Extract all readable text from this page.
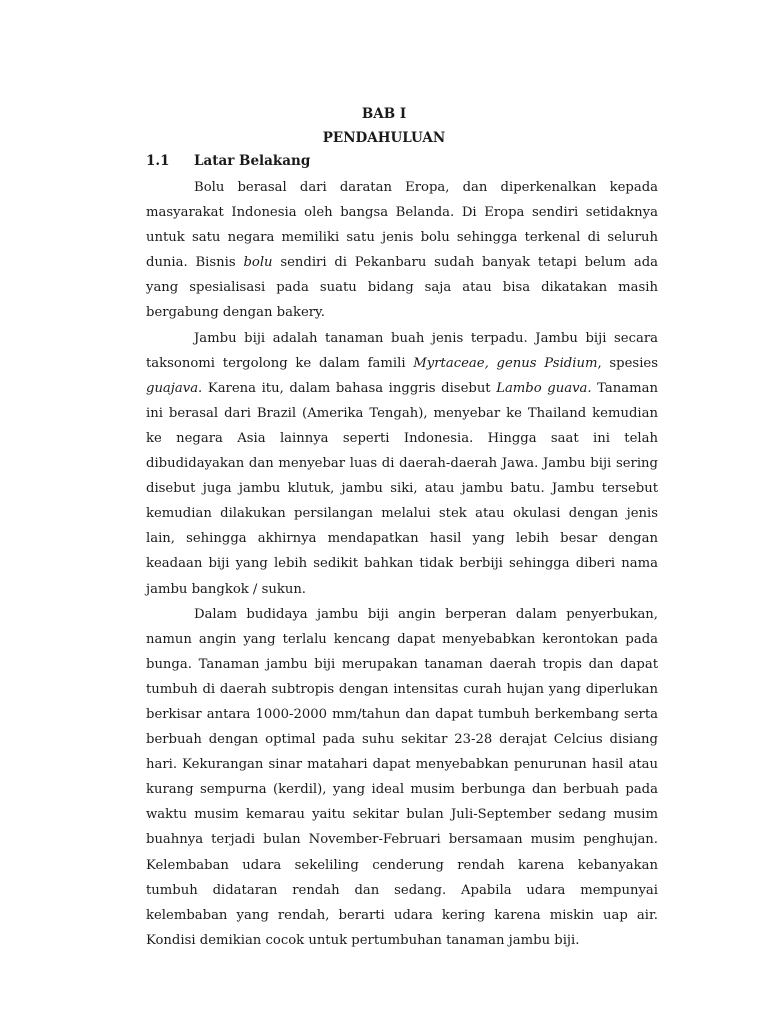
BAB I
PENDAHULUAN
1.1 Latar Belakang

Bolu berasal dari daratan Eropa, dan diperkenalkan kepada masyarakat Indonesia oleh bangsa Belanda. Di Eropa sendiri setidaknya untuk satu negara memiliki satu jenis bolu sehingga terkenal di seluruh dunia. Bisnis bolu sendiri di Pekanbaru sudah banyak tetapi belum ada yang spesialisasi pada suatu bidang saja atau bisa dikatakan masih bergabung dengan bakery.

Jambu biji adalah tanaman buah jenis terpadu. Jambu biji secara taksonomi tergolong ke dalam famili Myrtaceae, genus Psidium, spesies guajava. Karena itu, dalam bahasa inggris disebut Lambo guava. Tanaman ini berasal dari Brazil (Amerika Tengah), menyebar ke Thailand kemudian ke negara Asia lainnya seperti Indonesia. Hingga saat ini telah dibudidayakan dan menyebar luas di daerah-daerah Jawa. Jambu biji sering disebut juga jambu klutuk, jambu siki, atau jambu batu. Jambu tersebut kemudian dilakukan persilangan melalui stek atau okulasi dengan jenis lain, sehingga akhirnya mendapatkan hasil yang lebih besar dengan keadaan biji yang lebih sedikit bahkan tidak berbiji sehingga diberi nama jambu bangkok / sukun.

Dalam budidaya jambu biji angin berperan dalam penyerbukan, namun angin yang terlalu kencang dapat menyebabkan kerontokan pada bunga. Tanaman jambu biji merupakan tanaman daerah tropis dan dapat tumbuh di daerah subtropis dengan intensitas curah hujan yang diperlukan berkisar antara 1000-2000 mm/tahun dan dapat tumbuh berkembang serta berbuah dengan optimal pada suhu sekitar 23-28 derajat Celcius disiang hari. Kekurangan sinar matahari dapat menyebabkan penurunan hasil atau kurang sempurna (kerdil), yang ideal musim berbunga dan berbuah pada waktu musim kemarau yaitu sekitar bulan Juli-September sedang musim buahnya terjadi bulan November-Februari bersamaan musim penghujan. Kelembaban udara sekeliling cenderung rendah karena kebanyakan tumbuh didataran rendah dan sedang. Apabila udara mempunyai kelembaban yang rendah, berarti udara kering karena miskin uap air. Kondisi demikian cocok untuk pertumbuhan tanaman jambu biji.
